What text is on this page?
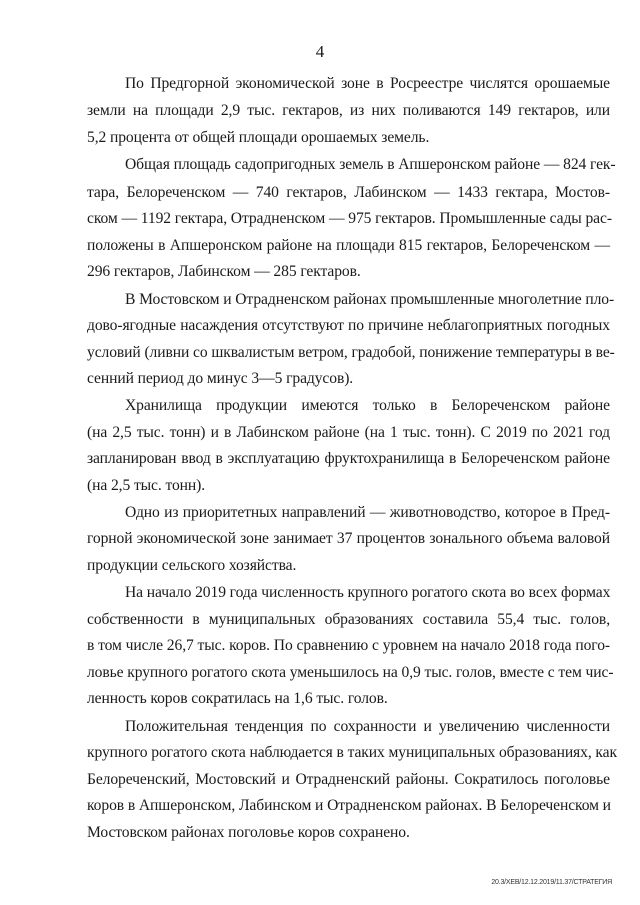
4
По Предгорной экономической зоне в Росреестре числятся орошаемые
земли на площади 2,9 тыс. гектаров, из них поливаются 149 гектаров, или
5,2 процента от общей площади орошаемых земель.
Общая площадь садопригодных земель в Апшеронском районе — 824 гек-
тара, Белореченском — 740 гектаров, Лабинском — 1433 гектара, Мостов-
ском — 1192 гектара, Отрадненском — 975 гектаров. Промышленные сады рас-
положены в Апшеронском районе на площади 815 гектаров, Белореченском —
296 гектаров, Лабинском — 285 гектаров.
В Мостовском и Отрадненском районах промышленные многолетние пло-
дово-ягодные насаждения отсутствуют по причине неблагоприятных погодных
условий (ливни со шквалистым ветром, градобой, понижение температуры в ве-
сенний период до минус 3—5 градусов).
Хранилища продукции имеются только в Белореченском районе
(на 2,5 тыс. тонн) и в Лабинском районе (на 1 тыс. тонн). С 2019 по 2021 год
запланирован ввод в эксплуатацию фруктохранилища в Белореченском районе
(на 2,5 тыс. тонн).
Одно из приоритетных направлений — животноводство, которое в Пред-
горной экономической зоне занимает 37 процентов зонального объема валовой
продукции сельского хозяйства.
На начало 2019 года численность крупного рогатого скота во всех формах
собственности в муниципальных образованиях составила 55,4 тыс. голов,
в том числе 26,7 тыс. коров. По сравнению с уровнем на начало 2018 года пого-
ловье крупного рогатого скота уменьшилось на 0,9 тыс. голов, вместе с тем чис-
ленность коров сократилась на 1,6 тыс. голов.
Положительная тенденция по сохранности и увеличению численности
крупного рогатого скота наблюдается в таких муниципальных образованиях, как
Белореченский, Мостовский и Отрадненский районы. Сократилось поголовье
коров в Апшеронском, Лабинском и Отрадненском районах. В Белореченском и
Мостовском районах поголовье коров сохранено.
20.3/XEB/12.12.2019/11.37/СТРАТЕГИЯ
